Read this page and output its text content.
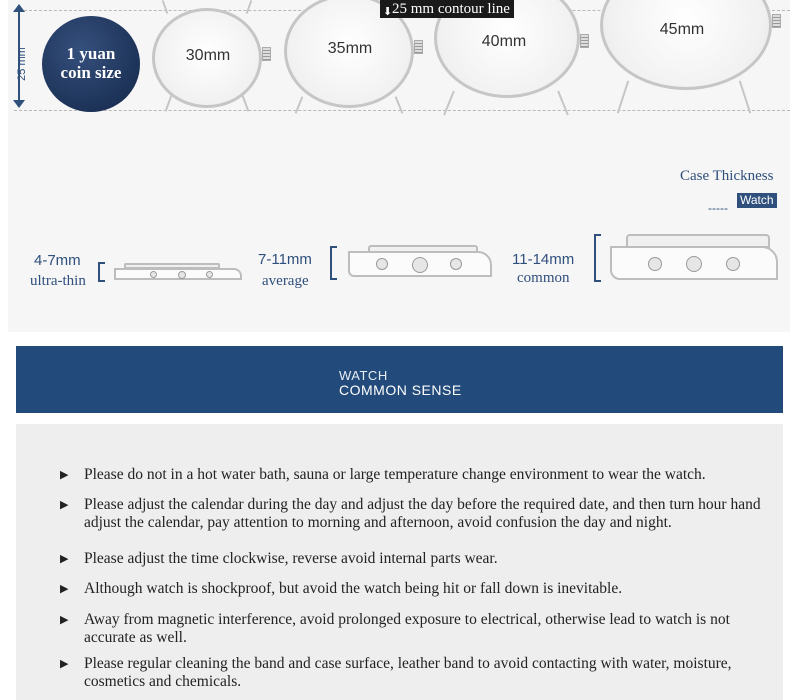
25 mm	1 yuan
coin size
30mm	35mm	40mm
45mm
⬇ 25 mm contour line
Case Thickness
-----
Watch
4-7mm
ultra-thin
7-11mm
average
11-14mm
common
WATCH
COMMON SENSE
▶ Please do not in a hot water bath, sauna or large temperature change environment to wear the watch.
▶ Please adjust the calendar during the day and adjust the day before the required date, and then turn hour hand adjust the calendar, pay attention to morning and afternoon, avoid confusion the day and night.
▶ Please adjust the time clockwise, reverse avoid internal parts wear.
▶ Although watch is shockproof, but avoid the watch being hit or fall down is inevitable.
▶ Away from magnetic interference, avoid prolonged exposure to electrical, otherwise lead to watch is not accurate as well.
▶ Please regular cleaning the band and case surface, leather band to avoid contacting with water, moisture, cosmetics and chemicals.
